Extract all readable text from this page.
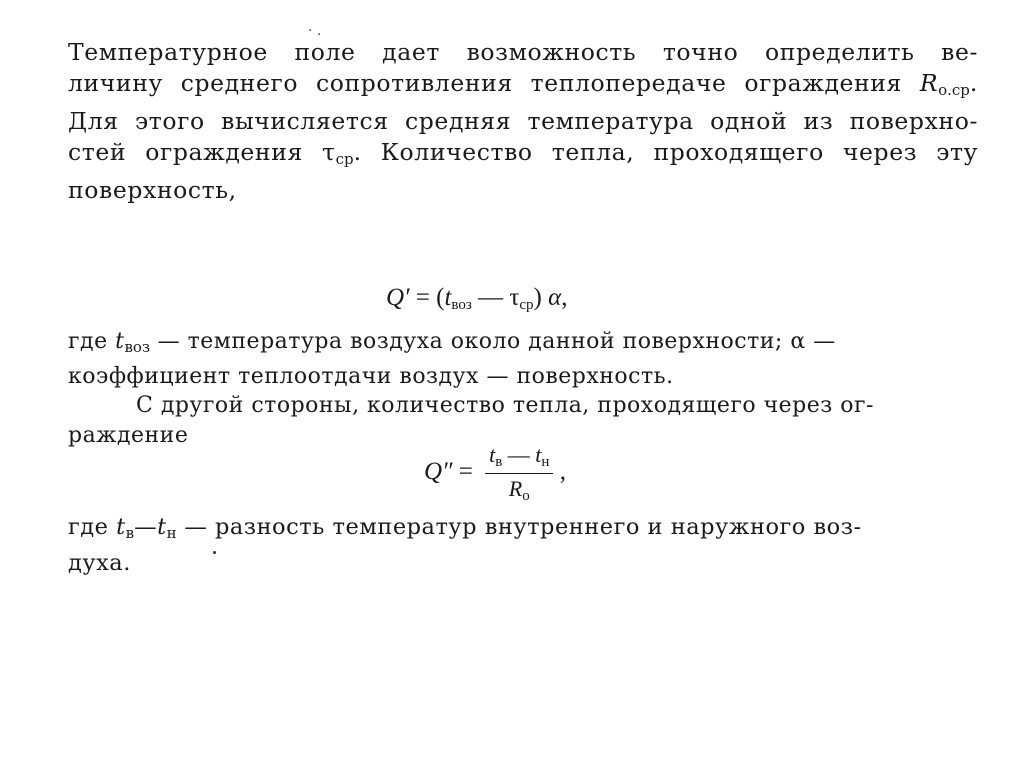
· .
Температурное поле дает возможность точно определить ве-
личину среднего сопротивления теплопередаче ограждения $R_{о.ср}$.
Для этого вычисляется средняя температура одной из поверхно-
стей ограждения $\tau_{ср}$. Количество тепла, проходящего через эту
поверхность,
$Q' = (t_{воз}$ — $\tau_{ср}$) α,
где $t_{воз}$ — температура воздуха около данной поверхности; α —
коэффициент теплоотдачи воздух — поверхность.
С другой стороны, количество тепла, проходящего через ог-
раждение
$Q'' = \frac{t_в — t_н}{R_о}$ ,
где $t_в—t_н$ — разность температур внутреннего и наружного воз-
духа.
